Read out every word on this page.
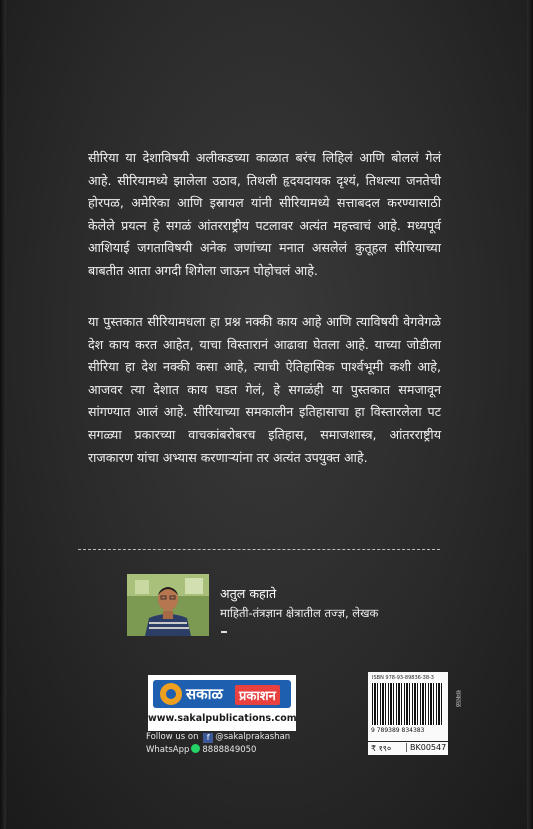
सीरिया या देशाविषयी अलीकडच्या काळात बरंच लिहिलं आणि बोललं गेलं आहे. सीरियामध्ये झालेला उठाव, तिथली हृदयदायक दृश्यं, तिथल्या जनतेची होरपळ, अमेरिका आणि इस्रायल यांनी सीरियामध्ये सत्ताबदल करण्यासाठी केलेले प्रयत्न हे सगळं आंतरराष्ट्रीय पटलावर अत्यंत महत्त्वाचं आहे. मध्यपूर्व आशियाई जगताविषयी अनेक जणांच्या मनात असलेलं कुतूहल सीरियाच्या बाबतीत आता अगदी शिगेला जाऊन पोहोचलं आहे.

या पुस्तकात सीरियामधला हा प्रश्न नक्की काय आहे आणि त्याविषयी वेगवेगळे देश काय करत आहेत, याचा विस्तारानं आढावा घेतला आहे. याच्या जोडीला सीरिया हा देश नक्की कसा आहे, त्याची ऐतिहासिक पार्श्वभूमी कशी आहे, आजवर त्या देशात काय घडत गेलं, हे सगळंही या पुस्तकात समजावून सांगण्यात आलं आहे. सीरियाच्या समकालीन इतिहासाचा हा विस्तारलेला पट सगळ्या प्रकारच्या वाचकांबरोबरच इतिहास, समाजशास्त्र, आंतरराष्ट्रीय राजकारण यांचा अभ्यास करणाऱ्यांना तर अत्यंत उपयुक्त आहे.

अतुल कहाते
माहिती-तंत्रज्ञान क्षेत्रातील तज्ज्ञ, लेखक
सकाळ	प्रकाशन
www.sakalpublications.com
ISBN 978-93-89836-38-3
9 789389 834383
₹ १९०	BK00547
सकाळ
Follow us on f @sakalprakashan
WhatsApp 8888849050
